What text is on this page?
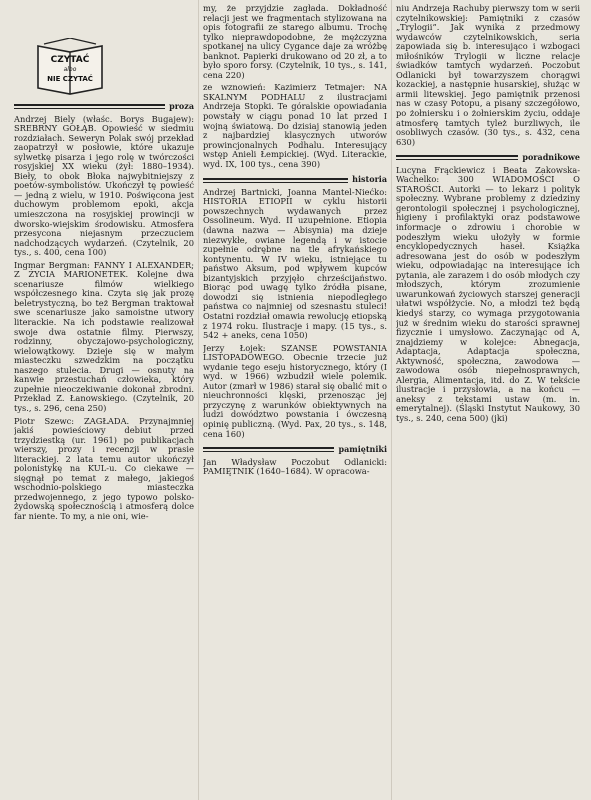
CZYTAĆ
albo
NIE CZYTAĆ
proza

Andrzej Biely (właśc. Borys Bugajew): SREBRNY GOŁĄB. Opowieść w siedmiu rozdziałach. Seweryn Polak swój przekład zaopatrzył w posłowie, które ukazuje sylwetkę pisarza i jego rolę w twórczości rosyjskiej XX wieku (żył: 1880–1934). Bieły, to obok Błoka najwybitniejszy z poetów-symbolistów. Ukończył tę powieść — jedną z wielu, w 1910. Poświęcona jest duchowym problemom epoki, akcja umieszczona na rosyjskiej prowincji w dworsko-wiejskim środowisku. Atmosfera przesycona niejasnym przeczuciem nadchodzących wydarzeń. (Czytelnik, 20 tys., s. 400, cena 100)

Ingmar Bergman: FANNY I ALEXANDER; Z ŻYCIA MARIONETEK. Kolejne dwa scenariusze filmów wielkiego współczesnego kina. Czyta się jak prozę beletrystyczną, bo też Bergman traktował swe scenariusze jako samoistne utwory literackie. Na ich podstawie realizował swoje dwa ostatnie filmy. Pierwszy, rodzinny, obyczajowo-psychologiczny, wielowątkowy. Dzieje się w małym miasteczku szwedzkim na początku naszego stulecia. Drugi — osnuty na kanwie przestuchań człowieka, który zupełnie nieoczekiwanie dokonał zbrodni. Przekład Z. Łanowskiego. (Czytelnik, 20 tys., s. 296, cena 250)

Piotr Szewc: ZAGŁADA. Przynajmniej jakiś powieściowy debiut przed trzydziestką (ur. 1961) po publikacjach wierszy, prozy i recenzji w prasie literackiej. 2 lata temu autor ukończył polonistykę na KUL-u. Co ciekawe — sięgnął po temat z małego, jakiegoś wschodnio-polskiego miasteczka przedwojennego, z jego typowo polsko-żydowską społecznością i atmosferą dolce far niente. To my, a nie oni, wie-

my, że przyjdzie zagłada. Dokładność relacji jest we fragmentach stylizowana na opis fotografii ze starego albumu. Trochę tylko nieprawdopodobne, że mężczyzna spotkanej na ulicy Cygance daje za wróżbę banknot. Papierki drukowano od 20 zł, a to było sporo forsy. (Czytelnik, 10 tys., s. 141, cena 220)

ze wznowień: Kazimierz Tetmajer: NA SKALNYM PODHALU z ilustracjami Andrzeja Stopki. Te góralskie opowiadania powstały w ciągu ponad 10 lat przed I wojną światową. Do dzisiaj stanowią jeden z najbardziej klasycznych utworów prowincjonalnych Podhalu. Interesujący wstęp Anieli Łempickiej. (Wyd. Literackie, wyd. IX, 100 tys., cena 390)

historia

Andrzej Bartnicki, Joanna Mantel-Niećko: HISTORIA ETIOPII w cyklu historii powszechnych wydawanych przez Ossolineum. Wyd. II uzupełnione. Etiopia (dawna nazwa — Abisynia) ma dzieje niezwykłe, owiane legendą i w istocie zupełnie odrębne na tle afrykańskiego kontynentu. W IV wieku, istniejące tu państwo Aksum, pod wpływem kupców bizantyjskich przyjęło chrześcijaństwo. Biorąc pod uwagę tylko źródła pisane, dowodzi się istnienia niepodległego państwa co najmniej od szesnastu stuleci! Ostatni rozdział omawia rewolucję etiopską z 1974 roku. Ilustracje i mapy. (15 tys., s. 542 + aneks, cena 1050)

Jerzy Łojek: SZANSE POWSTANIA LISTOPADOWEGO. Obecnie trzecie już wydanie tego eseju historycznego, który (I wyd. w 1966) wzbudził wiele polemik. Autor (zmarł w 1986) starał się obalić mit o nieuchronności klęski, przenosząc jej przyczynę z warunków obiektywnych na ludzi dowództwo powstania i ówczesną opinię publiczną. (Wyd. Pax, 20 tys., s. 148, cena 160)

pamiętniki

Jan Władysław Poczobut Odlanicki: PAMIĘTNIK (1640–1684). W opracowa-

niu Andrzeja Rachuby pierwszy tom w serii czytelnikowskiej: Pamiętniki z czasów „Trylogii”. Jak wynika z przedmowy wydawców czytelnikowskich, seria zapowiada się b. interesująco i wzbogaci miłośników Trylogii w liczne relacje świadków tamtych wydarzeń. Poczobut Odlanicki był towarzyszem chorągwi kozackiej, a następnie husarskiej, służąc w armii litewskiej. Jego pamiętnik przenosi nas w czasy Potopu, a pisany szczegółowo, po żołniersku i o żołnierskim życiu, oddaje atmosferę tamtych tyleż burzliwych, ile osobliwych czasów. (30 tys., s. 432, cena 630)

poradnikowe

Lucyna Frąckiewicz i Beata Zakowska-Wachelko: 300 WIADOMOŚCI O STAROŚCI. Autorki — to lekarz i polityk społeczny. Wybrane problemy z dziedziny gerontologii społecznej i psychologicznej, higieny i profilaktyki oraz podstawowe informacje o zdrowiu i chorobie w podeszłym wieku ułożyły w formie encyklopedycznych haseł. Książka adresowana jest do osób w podeszłym wieku, odpowiadając na interesujące ich pytania, ale zarazem i do osób młodych czy młodszych, którym zrozumienie uwarunkowań życiowych starszej generacji ułatwi współżycie. No, a młodzi też będą kiedyś starzy, co wymaga przygotowania już w średnim wieku do starości sprawnej fizycznie i umysłowo. Zaczynając od A, znajdziemy w kolejce: Abnegacja, Adaptacja, Adaptacja społeczna, Aktywność, społeczna, zawodowa — zawodowa osób niepełnosprawnych, Alergia, Alimentacja, itd. do Z. W tekście ilustracje i przysłowia, a na końcu — aneksy z tekstami ustaw (m. in. emerytalnej). (Śląski Instytut Naukowy, 30 tys., s. 240, cena 500) (jki)
